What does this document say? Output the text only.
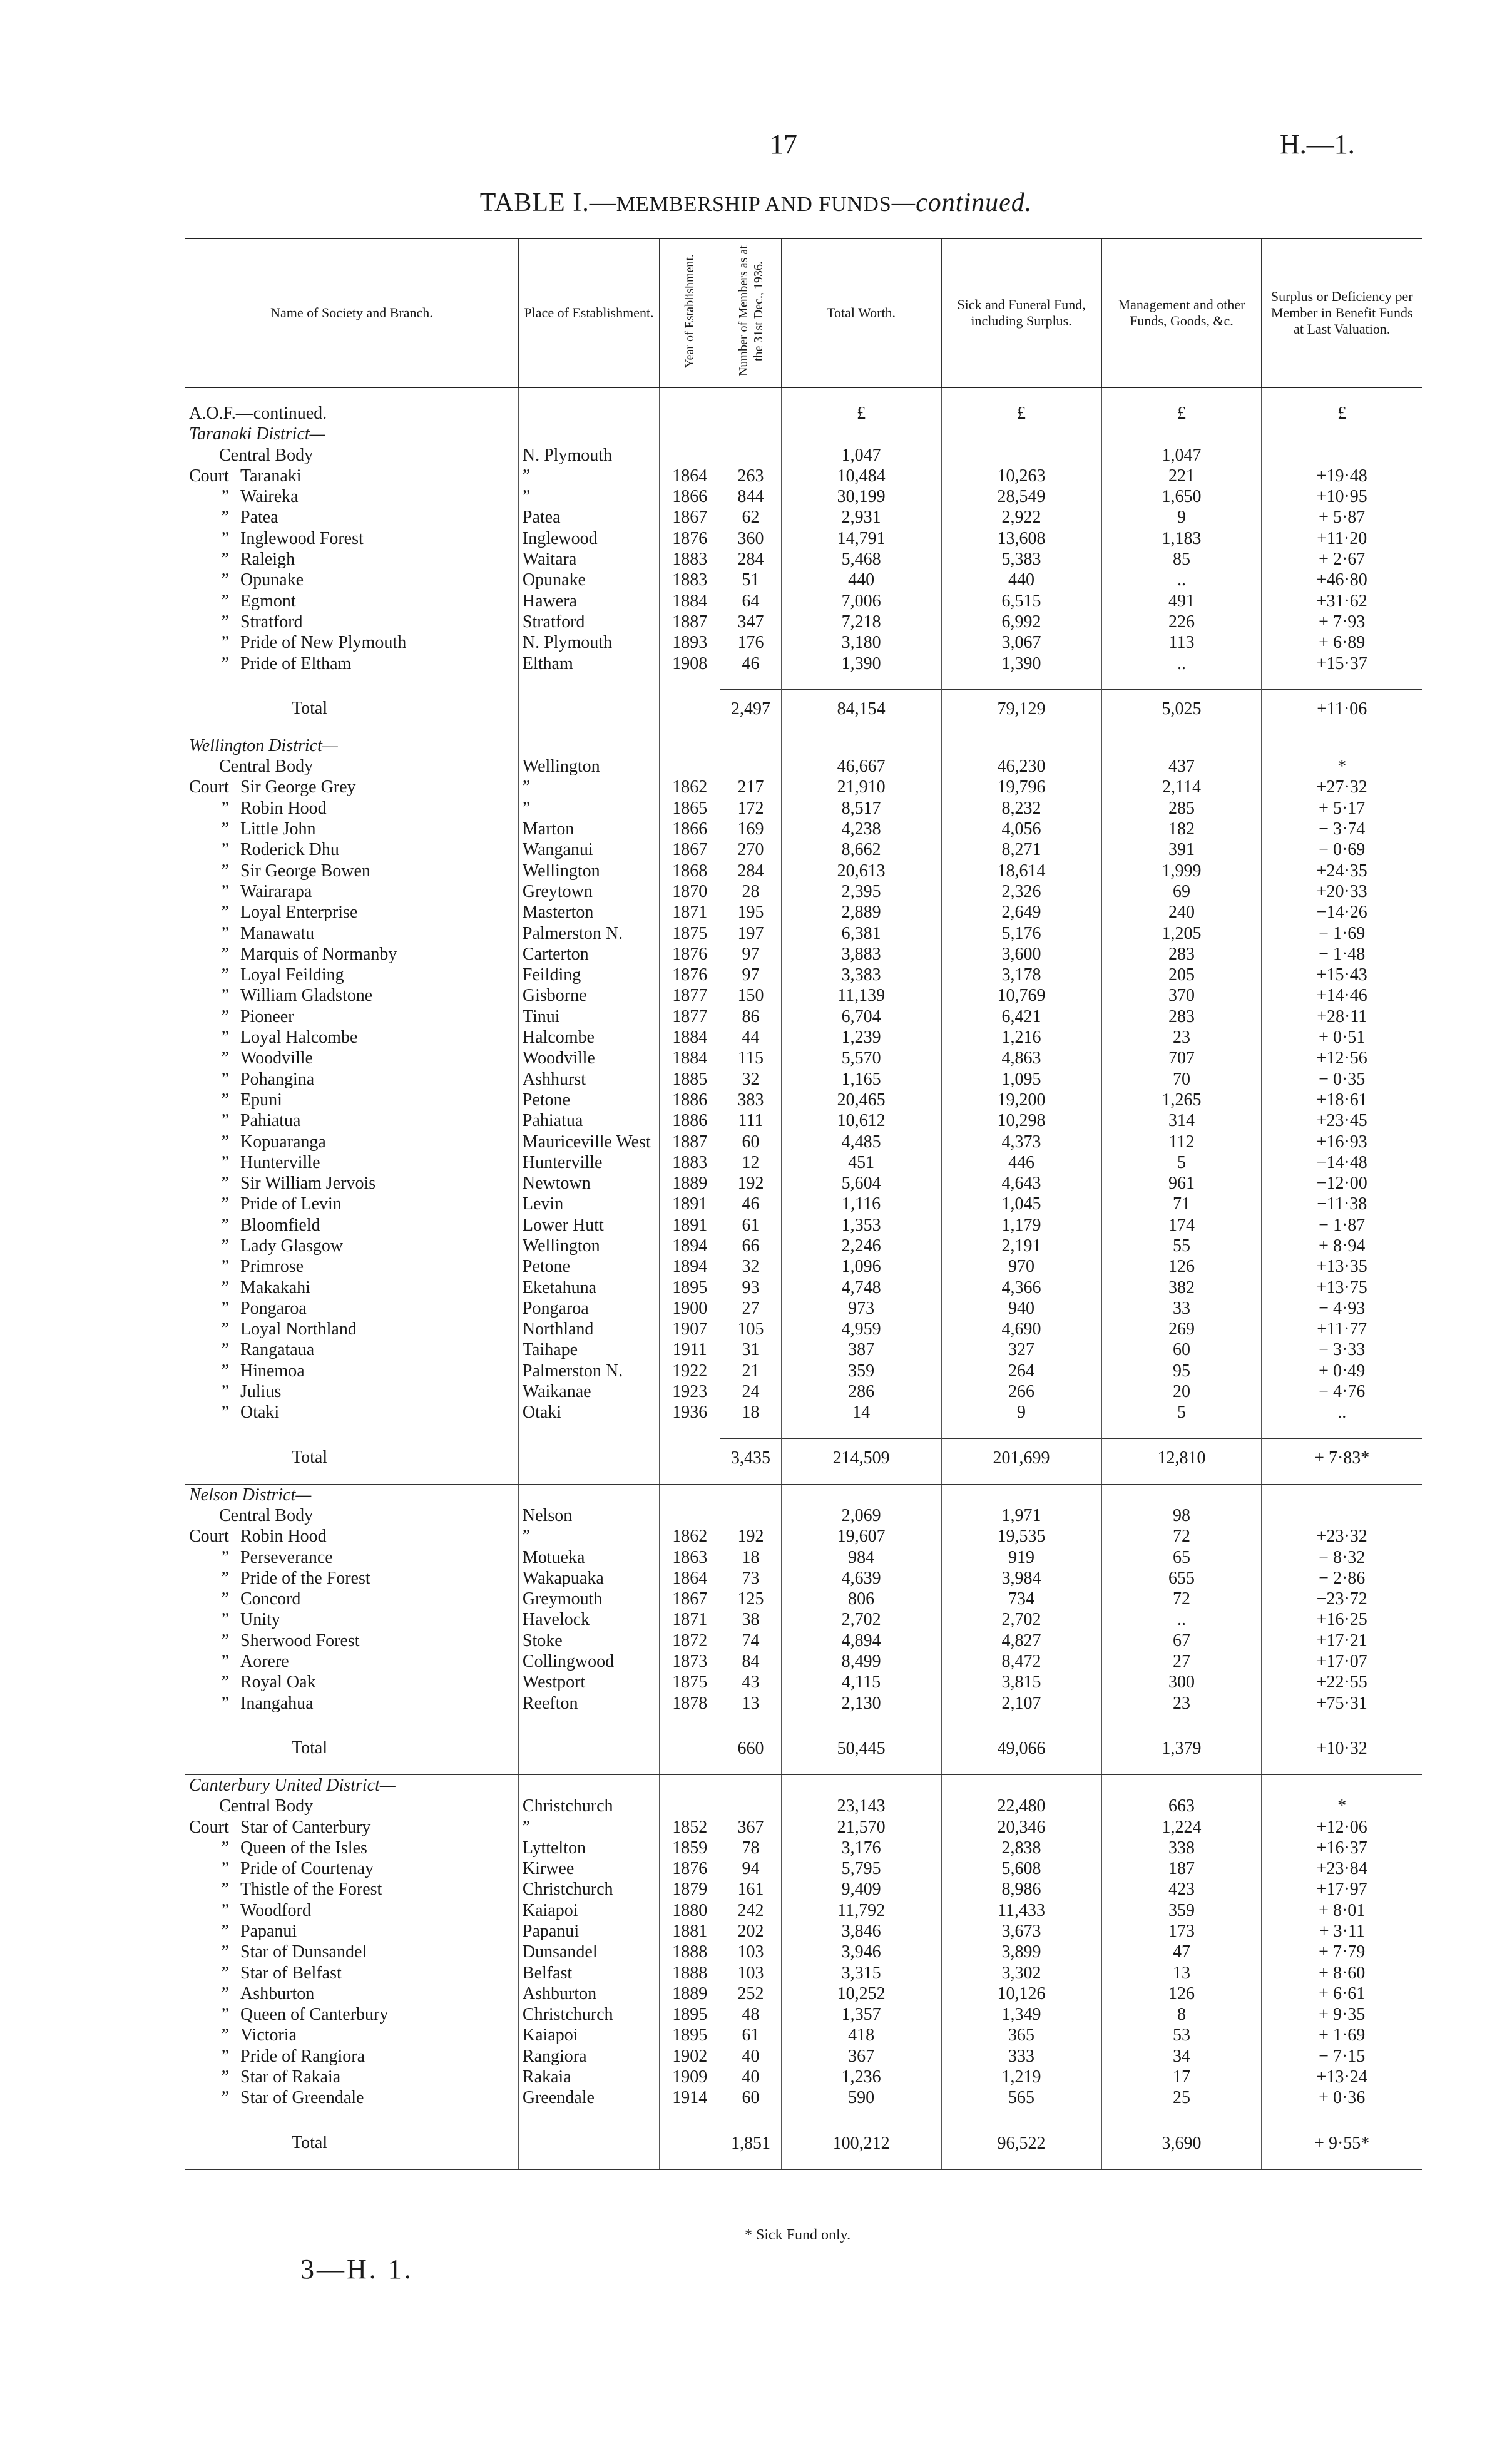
17	H.—1.
TABLE I.—MEMBERSHIP AND FUNDS—continued.
Name of Society and Branch.	Place of Establishment.	Year of Establishment.	Number of Members as at the 31st Dec., 1936.	Total Worth.	Sick and Funeral Fund, including Surplus.	Management and other Funds, Goods, &c.	Surplus or Deficiency per Member in Benefit Funds at Last Valuation.

A.O.F.—continued.				£	£	£	£
Taranaki District—							
Central Body	N. Plymouth			1,047		1,047	
Court Taranaki	”	1864	263	10,484	10,263	221	+19·48
” Waireka	”	1866	844	30,199	28,549	1,650	+10·95
” Patea	Patea	1867	62	2,931	2,922	9	+ 5·87
” Inglewood Forest	Inglewood	1876	360	14,791	13,608	1,183	+11·20
” Raleigh	Waitara	1883	284	5,468	5,383	85	+ 2·67
” Opunake	Opunake	1883	51	440	440	..	+46·80
” Egmont	Hawera	1884	64	7,006	6,515	491	+31·62
” Stratford	Stratford	1887	347	7,218	6,992	226	+ 7·93
” Pride of New Plymouth	N. Plymouth	1893	176	3,180	3,067	113	+ 6·89
” Pride of Eltham	Eltham	1908	46	1,390	1,390	..	+15·37

Total			2,497	84,154	79,129	5,025	+11·06

Wellington District—							
Central Body	Wellington			46,667	46,230	437	*
Court Sir George Grey	”	1862	217	21,910	19,796	2,114	+27·32
” Robin Hood	”	1865	172	8,517	8,232	285	+ 5·17
” Little John	Marton	1866	169	4,238	4,056	182	− 3·74
” Roderick Dhu	Wanganui	1867	270	8,662	8,271	391	− 0·69
” Sir George Bowen	Wellington	1868	284	20,613	18,614	1,999	+24·35
” Wairarapa	Greytown	1870	28	2,395	2,326	69	+20·33
” Loyal Enterprise	Masterton	1871	195	2,889	2,649	240	−14·26
” Manawatu	Palmerston N.	1875	197	6,381	5,176	1,205	− 1·69
” Marquis of Normanby	Carterton	1876	97	3,883	3,600	283	− 1·48
” Loyal Feilding	Feilding	1876	97	3,383	3,178	205	+15·43
” William Gladstone	Gisborne	1877	150	11,139	10,769	370	+14·46
” Pioneer	Tinui	1877	86	6,704	6,421	283	+28·11
” Loyal Halcombe	Halcombe	1884	44	1,239	1,216	23	+ 0·51
” Woodville	Woodville	1884	115	5,570	4,863	707	+12·56
” Pohangina	Ashhurst	1885	32	1,165	1,095	70	− 0·35
” Epuni	Petone	1886	383	20,465	19,200	1,265	+18·61
” Pahiatua	Pahiatua	1886	111	10,612	10,298	314	+23·45
” Kopuaranga	Mauriceville West	1887	60	4,485	4,373	112	+16·93
” Hunterville	Hunterville	1883	12	451	446	5	−14·48
” Sir William Jervois	Newtown	1889	192	5,604	4,643	961	−12·00
” Pride of Levin	Levin	1891	46	1,116	1,045	71	−11·38
” Bloomfield	Lower Hutt	1891	61	1,353	1,179	174	− 1·87
” Lady Glasgow	Wellington	1894	66	2,246	2,191	55	+ 8·94
” Primrose	Petone	1894	32	1,096	970	126	+13·35
” Makakahi	Eketahuna	1895	93	4,748	4,366	382	+13·75
” Pongaroa	Pongaroa	1900	27	973	940	33	− 4·93
” Loyal Northland	Northland	1907	105	4,959	4,690	269	+11·77
” Rangataua	Taihape	1911	31	387	327	60	− 3·33
” Hinemoa	Palmerston N.	1922	21	359	264	95	+ 0·49
” Julius	Waikanae	1923	24	286	266	20	− 4·76
” Otaki	Otaki	1936	18	14	9	5	..

Total			3,435	214,509	201,699	12,810	+ 7·83*

Nelson District—							
Central Body	Nelson			2,069	1,971	98	
Court Robin Hood	”	1862	192	19,607	19,535	72	+23·32
” Perseverance	Motueka	1863	18	984	919	65	− 8·32
” Pride of the Forest	Wakapuaka	1864	73	4,639	3,984	655	− 2·86
” Concord	Greymouth	1867	125	806	734	72	−23·72
” Unity	Havelock	1871	38	2,702	2,702	..	+16·25
” Sherwood Forest	Stoke	1872	74	4,894	4,827	67	+17·21
” Aorere	Collingwood	1873	84	8,499	8,472	27	+17·07
” Royal Oak	Westport	1875	43	4,115	3,815	300	+22·55
” Inangahua	Reefton	1878	13	2,130	2,107	23	+75·31

Total			660	50,445	49,066	1,379	+10·32

Canterbury United District—							
Central Body	Christchurch			23,143	22,480	663	*
Court Star of Canterbury	”	1852	367	21,570	20,346	1,224	+12·06
” Queen of the Isles	Lyttelton	1859	78	3,176	2,838	338	+16·37
” Pride of Courtenay	Kirwee	1876	94	5,795	5,608	187	+23·84
” Thistle of the Forest	Christchurch	1879	161	9,409	8,986	423	+17·97
” Woodford	Kaiapoi	1880	242	11,792	11,433	359	+ 8·01
” Papanui	Papanui	1881	202	3,846	3,673	173	+ 3·11
” Star of Dunsandel	Dunsandel	1888	103	3,946	3,899	47	+ 7·79
” Star of Belfast	Belfast	1888	103	3,315	3,302	13	+ 8·60
” Ashburton	Ashburton	1889	252	10,252	10,126	126	+ 6·61
” Queen of Canterbury	Christchurch	1895	48	1,357	1,349	8	+ 9·35
” Victoria	Kaiapoi	1895	61	418	365	53	+ 1·69
” Pride of Rangiora	Rangiora	1902	40	367	333	34	− 7·15
” Star of Rakaia	Rakaia	1909	40	1,236	1,219	17	+13·24
” Star of Greendale	Greendale	1914	60	590	565	25	+ 0·36

Total			1,851	100,212	96,522	3,690	+ 9·55*

* Sick Fund only.
3—H. 1.
